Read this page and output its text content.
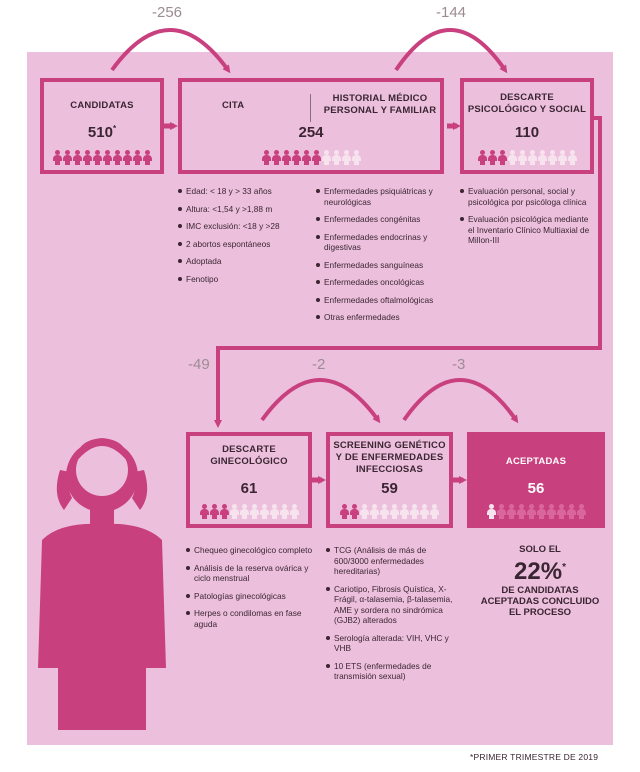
-256	-144
-49	-2	-3
CANDIDATAS
510*
CITA
HISTORIAL MÉDICO
PERSONAL Y FAMILIAR
254
DESCARTE
PSICOLÓGICO Y SOCIAL
110
DESCARTE
GINECOLÓGICO
61
SCREENING GENÉTICO
Y DE ENFERMEDADES
INFECCIOSAS
59
ACEPTADAS
56
Edad: < 18 y > 33 años
Altura: <1,54 y >1,88 m
IMC exclusión: <18 y >28
2 abortos espontáneos
Adoptada
Fenotipo
Enfermedades psiquiátricas y neurológicas
Enfermedades congénitas
Enfermedades endocrinas y digestivas
Enfermedades sanguíneas
Enfermedades oncológicas
Enfermedades oftalmológicas
Otras enfermedades
Evaluación personal, social y psicológica por psicóloga clínica
Evaluación psicológica mediante el Inventario Clínico Multiaxial de Millon-III
Chequeo ginecológico completo
Análisis de la reserva ovárica y ciclo menstrual
Patologías ginecológicas
Herpes o condilomas en fase aguda
TCG (Análisis de más de 600/3000 enfermedades hereditarias)
Cariotipo, Fibrosis Quística, X-Frágil, α-talasemia, β-talasemia, AME y sordera no sindrómica (GJB2) alterados
Serología alterada: VIH, VHC y VHB
10 ETS (enfermedades de transmisión sexual)
SOLO EL
22%*
DE CANDIDATAS
ACEPTADAS CONCLUIDO
EL PROCESO
*PRIMER TRIMESTRE DE 2019
